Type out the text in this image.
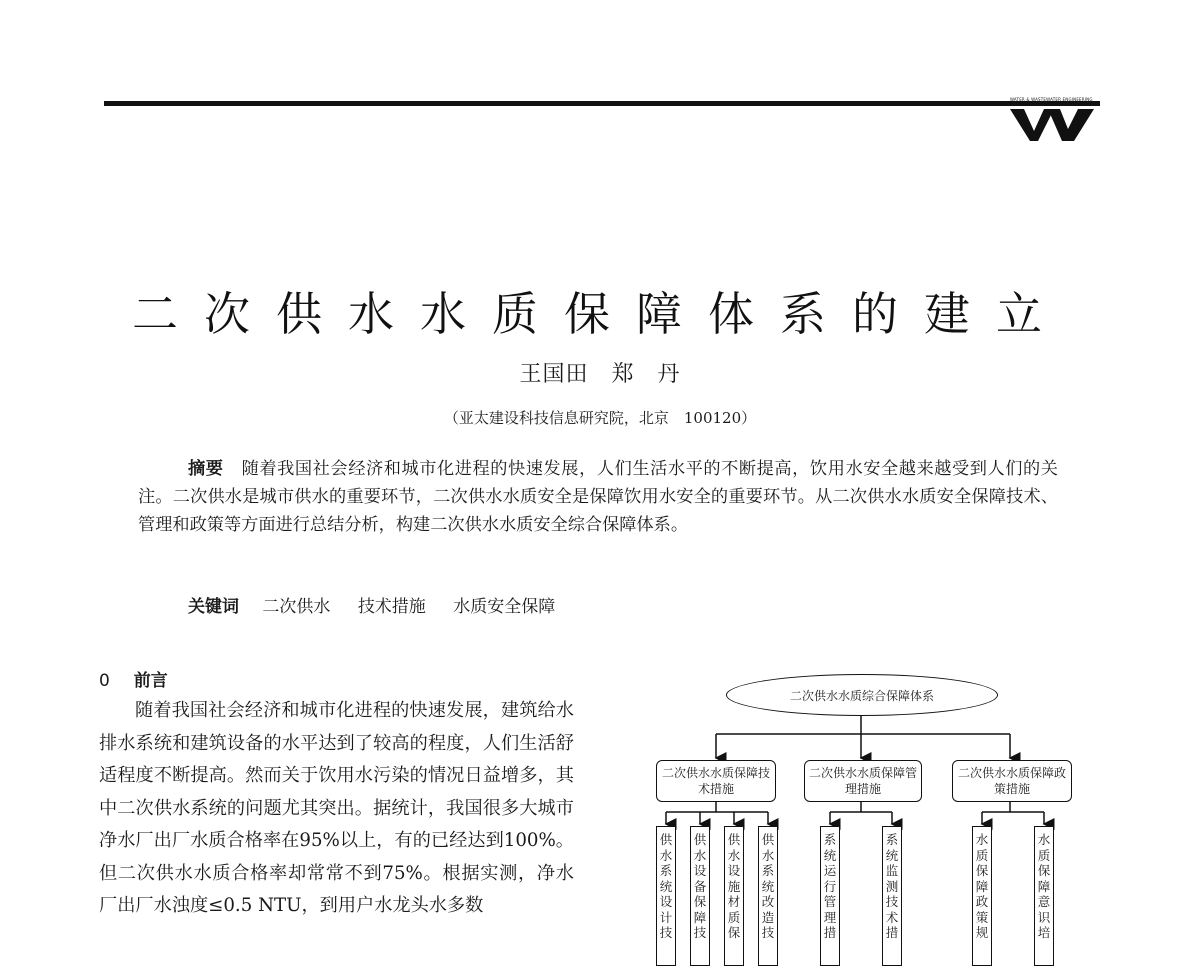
WATER & WASTEWATER ENGINEERING
二次供水水质保障体系的建立
王国田　郑　丹
（亚太建设科技信息研究院，北京　100120）
摘要 随着我国社会经济和城市化进程的快速发展，人们生活水平的不断提高，饮用水安全越来越受到人们的关注。二次供水是城市供水的重要环节，二次供水水质安全是保障饮用水安全的重要环节。从二次供水水质安全保障技术、管理和政策等方面进行总结分析，构建二次供水水质安全综合保障体系。
关键词 二次供水 技术措施 水质安全保障
0 前言
随着我国社会经济和城市化进程的快速发展，建筑给水排水系统和建筑设备的水平达到了较高的程度，人们生活舒适程度不断提高。然而关于饮用水污染的情况日益增多，其中二次供水系统的问题尤其突出。据统计，我国很多大城市净水厂出厂水质合格率在95%以上，有的已经达到100%。但二次供水水质合格率却常常不到75%。根据实测，净水厂出厂水浊度≤0.5 NTU，到用户水龙头水多数
二次供水水质综合保障体系
二次供水水质保障技术措施
二次供水水质保障管理措施
二次供水水质保障政策措施
供水系统设计技
供水设备保障技
供水设施材质保
供水系统改造技
系统运行管理措
系统监测技术措
水质保障政策规
水质保障意识培
